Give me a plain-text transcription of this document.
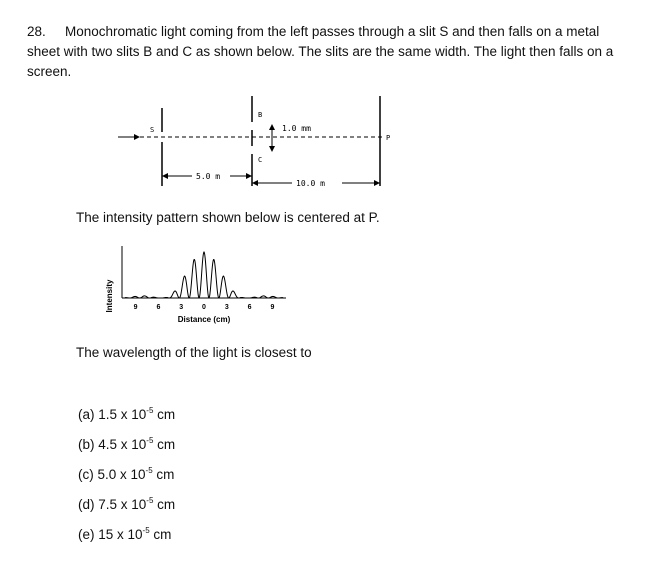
28. Monochromatic light coming from the left passes through a slit S and then falls on a metal sheet with two slits B and C as shown below. The slits are the same width. The light then falls on a screen.
S
B
C
P
1.0 mm
5.0 m
10.0 m
The intensity pattern shown below is centered at P.
Intensity	9	6	3	0	3	6	9
Distance (cm)
The wavelength of the light is closest to
(a) 1.5 x $10^{-5}$ cm
(b) 4.5 x $10^{-5}$ cm
(c) 5.0 x $10^{-5}$ cm
(d) 7.5 x $10^{-5}$ cm
(e) 15 x $10^{-5}$ cm
